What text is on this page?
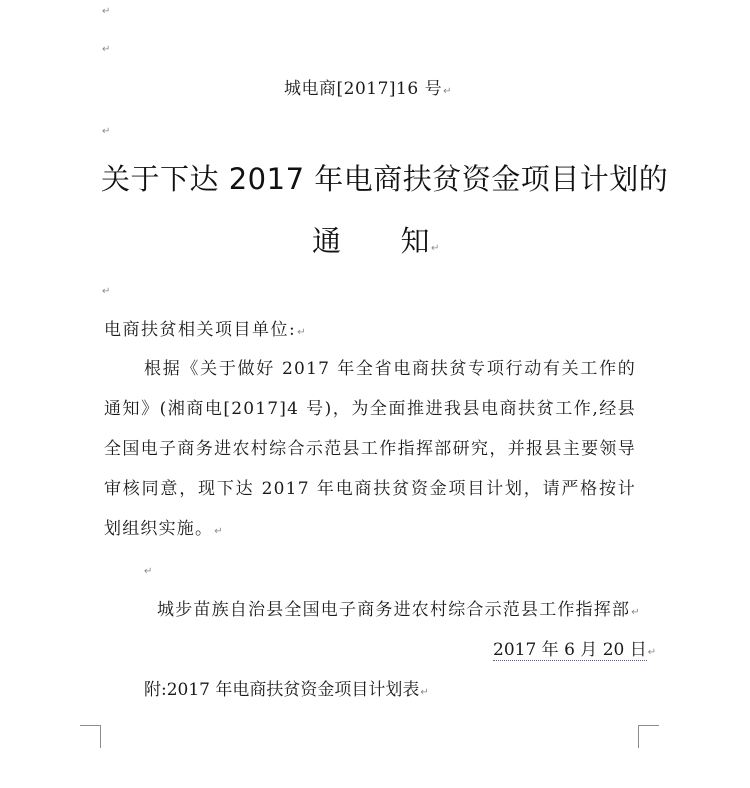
↵
↵
城电商[2017]16 号↵
↵
关于下达 2017 年电商扶贫资金项目计划的
通　　知↵
↵
电商扶贫相关项目单位:↵
根据《关于做好 2017 年全省电商扶贫专项行动有关工作的通知》(湘商电[2017]4 号)，为全面推进我县电商扶贫工作,经县全国电子商务进农村综合示范县工作指挥部研究，并报县主要领导审核同意，现下达 2017 年电商扶贫资金项目计划，请严格按计划组织实施。↵
↵
城步苗族自治县全国电子商务进农村综合示范县工作指挥部↵
2017 年 6 月 20 日↵
附:2017 年电商扶贫资金项目计划表↵
